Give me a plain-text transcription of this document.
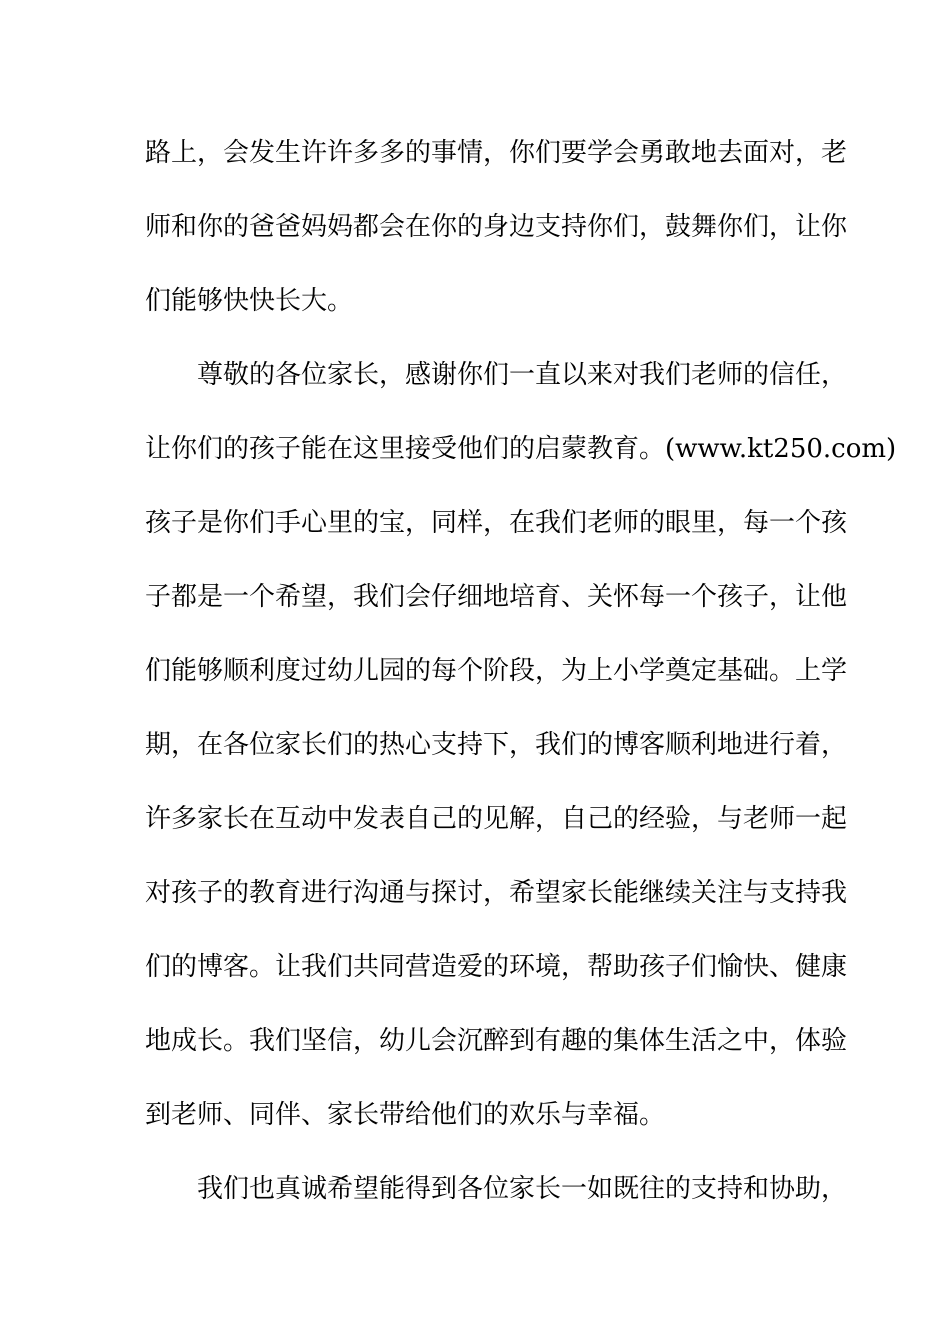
路上，会发生许许多多的事情，你们要学会勇敢地去面对，老
师和你的爸爸妈妈都会在你的身边支持你们，鼓舞你们，让你
们能够快快长大。
尊敬的各位家长，感谢你们一直以来对我们老师的信任，
让你们的孩子能在这里接受他们的启蒙教育。(www.kt250.com)
孩子是你们手心里的宝，同样，在我们老师的眼里，每一个孩
子都是一个希望，我们会仔细地培育、关怀每一个孩子，让他
们能够顺利度过幼儿园的每个阶段，为上小学奠定基础。上学
期，在各位家长们的热心支持下，我们的博客顺利地进行着，
许多家长在互动中发表自己的见解，自己的经验，与老师一起
对孩子的教育进行沟通与探讨，希望家长能继续关注与支持我
们的博客。让我们共同营造爱的环境，帮助孩子们愉快、健康
地成长。我们坚信，幼儿会沉醉到有趣的集体生活之中，体验
到老师、同伴、家长带给他们的欢乐与幸福。
我们也真诚希望能得到各位家长一如既往的支持和协助，
